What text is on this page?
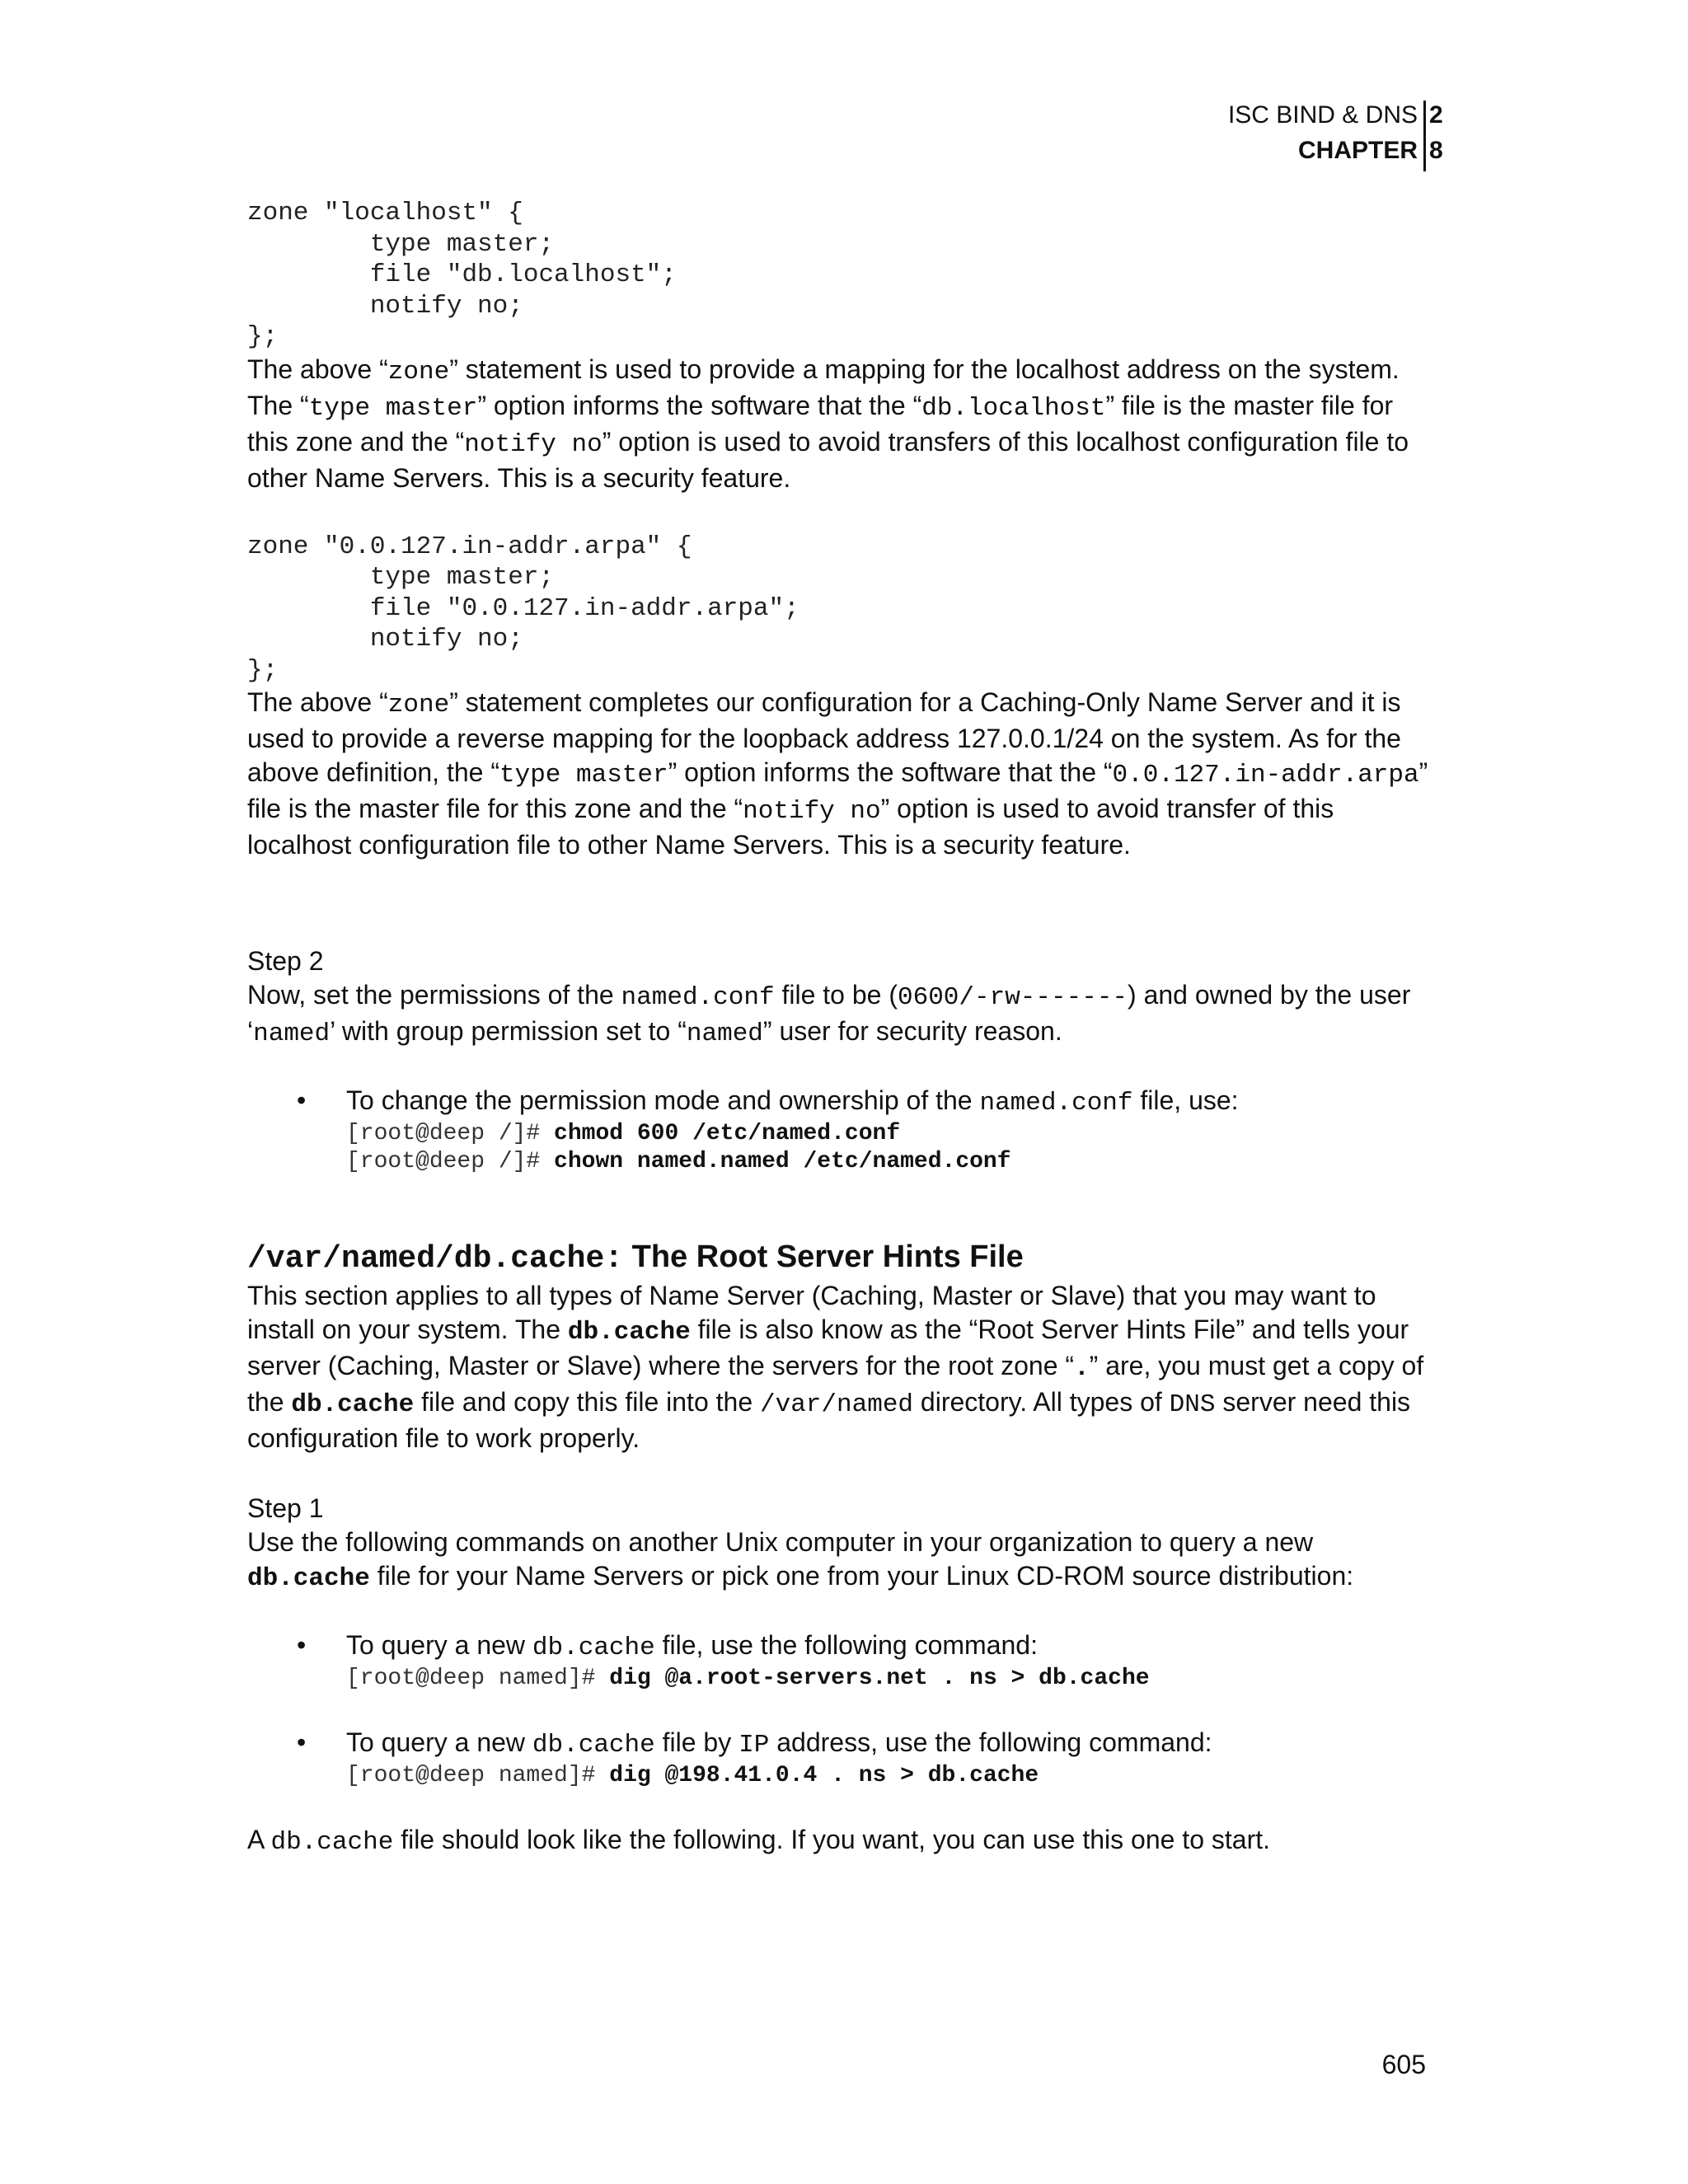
ISC BIND & DNS 2
CHAPTER 8
zone "localhost" {
type master;
file "db.localhost";
notify no;
};

The above “zone” statement is used to provide a mapping for the localhost address on the system. The “type master” option informs the software that the “db.localhost” file is the master file for this zone and the “notify no” option is used to avoid transfers of this localhost configuration file to other Name Servers. This is a security feature.

zone "0.0.127.in-addr.arpa" {
type master;
file "0.0.127.in-addr.arpa";
notify no;
};

The above “zone” statement completes our configuration for a Caching-Only Name Server and it is used to provide a reverse mapping for the loopback address 127.0.0.1/24 on the system. As for the above definition, the “type master” option informs the software that the “0.0.127.in-addr.arpa” file is the master file for this zone and the “notify no” option is used to avoid transfer of this localhost configuration file to other Name Servers. This is a security feature.

Step 2

Now, set the permissions of the named.conf file to be (0600/-rw-------) and owned by the user ‘named’ with group permission set to “named” user for security reason.

• To change the permission mode and ownership of the named.conf file, use:

[root@deep /]# chmod 600 /etc/named.conf
[root@deep /]# chown named.named /etc/named.conf
/var/named/db.cache: The Root Server Hints File

This section applies to all types of Name Server (Caching, Master or Slave) that you may want to install on your system. The db.cache file is also know as the “Root Server Hints File” and tells your server (Caching, Master or Slave) where the servers for the root zone “.” are, you must get a copy of the db.cache file and copy this file into the /var/named directory. All types of DNS server need this configuration file to work properly.

Step 1

Use the following commands on another Unix computer in your organization to query a new db.cache file for your Name Servers or pick one from your Linux CD-ROM source distribution:

• To query a new db.cache file, use the following command:

[root@deep named]# dig @a.root-servers.net . ns > db.cache
• To query a new db.cache file by IP address, use the following command:

[root@deep named]# dig @198.41.0.4 . ns > db.cache

A db.cache file should look like the following. If you want, you can use this one to start.

605
